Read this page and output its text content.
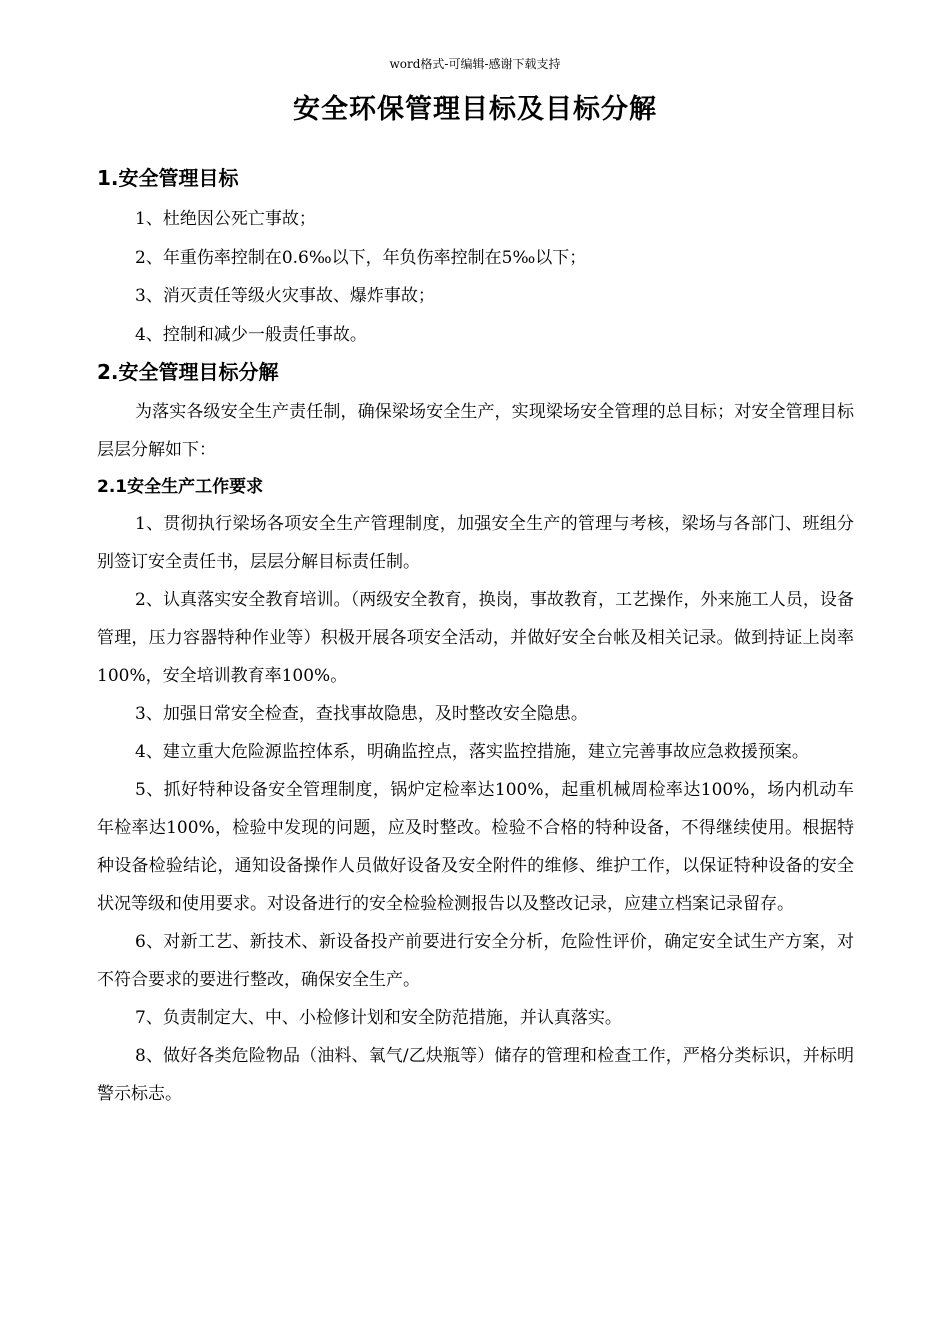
word格式-可编辑-感谢下载支持
安全环保管理目标及目标分解

1.安全管理目标

1、杜绝因公死亡事故；

2、年重伤率控制在0.6‰以下，年负伤率控制在5‰以下；

3、消灭责任等级火灾事故、爆炸事故；

4、控制和减少一般责任事故。

2.安全管理目标分解

为落实各级安全生产责任制，确保梁场安全生产，实现梁场安全管理的总目标；对安全管理目标层层分解如下：

2.1安全生产工作要求

1、贯彻执行梁场各项安全生产管理制度，加强安全生产的管理与考核，梁场与各部门、班组分别签订安全责任书，层层分解目标责任制。

2、认真落实安全教育培训。（两级安全教育，换岗，事故教育，工艺操作，外来施工人员，设备管理，压力容器特种作业等）积极开展各项安全活动，并做好安全台帐及相关记录。做到持证上岗率100%，安全培训教育率100%。

3、加强日常安全检查，查找事故隐患，及时整改安全隐患。

4、建立重大危险源监控体系，明确监控点，落实监控措施，建立完善事故应急救援预案。

5、抓好特种设备安全管理制度，锅炉定检率达100%，起重机械周检率达100%，场内机动车年检率达100%，检验中发现的问题，应及时整改。检验不合格的特种设备，不得继续使用。根据特种设备检验结论，通知设备操作人员做好设备及安全附件的维修、维护工作，以保证特种设备的安全状况等级和使用要求。对设备进行的安全检验检测报告以及整改记录，应建立档案记录留存。

6、对新工艺、新技术、新设备投产前要进行安全分析，危险性评价，确定安全试生产方案，对不符合要求的要进行整改，确保安全生产。

7、负责制定大、中、小检修计划和安全防范措施，并认真落实。

8、做好各类危险物品（油料、氧气/乙炔瓶等）储存的管理和检查工作，严格分类标识，并标明警示标志。
